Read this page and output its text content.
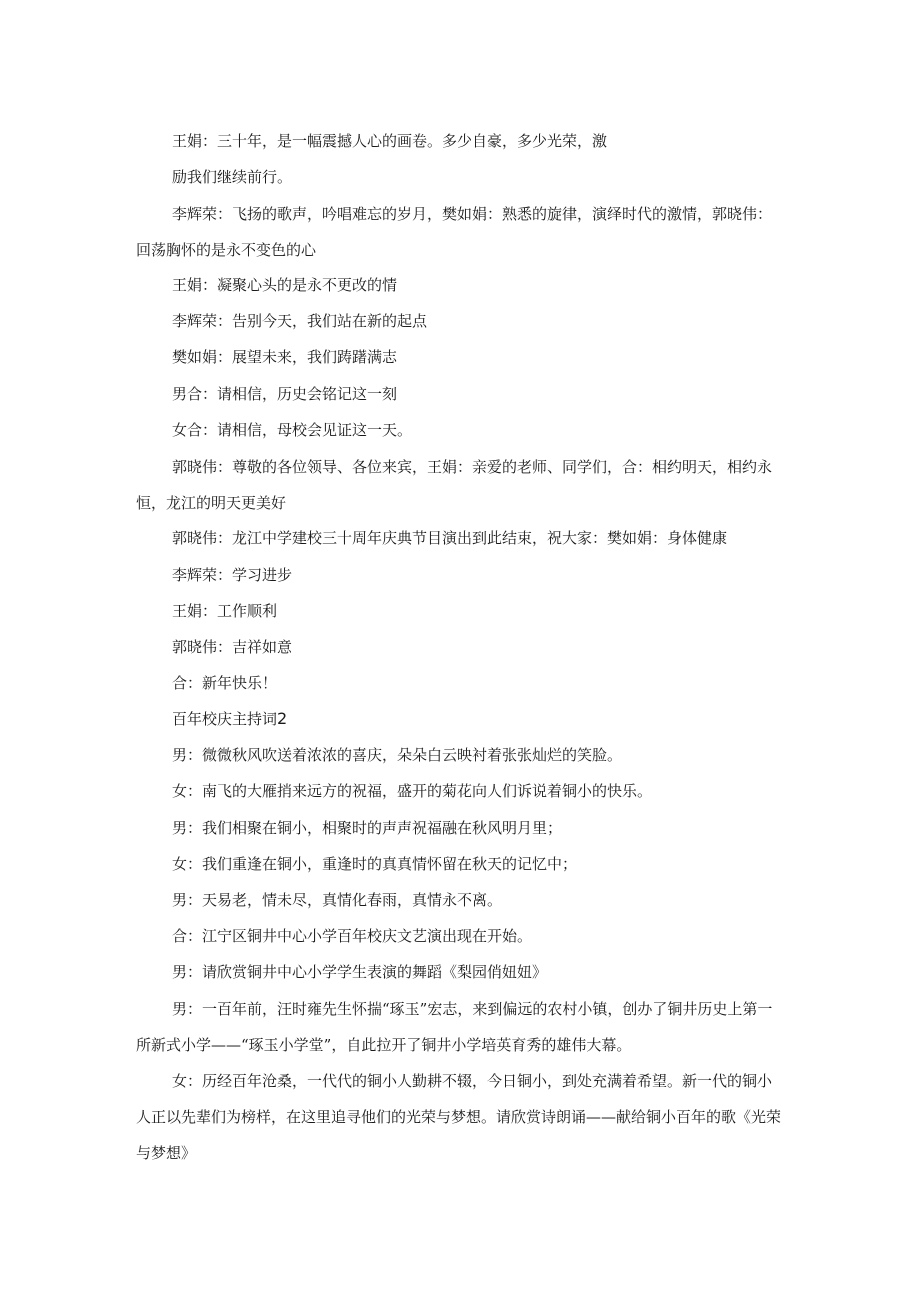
王娟：三十年，是一幅震撼人心的画卷。多少自豪，多少光荣，激

励我们继续前行。

李辉荣：飞扬的歌声，吟唱难忘的岁月，樊如娟：熟悉的旋律，演绎时代的激情，郭晓伟：回荡胸怀的是永不变色的心

王娟：凝聚心头的是永不更改的情

李辉荣：告别今天，我们站在新的起点

樊如娟：展望未来，我们踌躇满志

男合：请相信，历史会铭记这一刻

女合：请相信，母校会见证这一天。

郭晓伟：尊敬的各位领导、各位来宾，王娟：亲爱的老师、同学们，合：相约明天，相约永恒，龙江的明天更美好

郭晓伟：龙江中学建校三十周年庆典节目演出到此结束，祝大家：樊如娟：身体健康

李辉荣：学习进步

王娟：工作顺利

郭晓伟：吉祥如意

合：新年快乐！

百年校庆主持词2

男：微微秋风吹送着浓浓的喜庆，朵朵白云映衬着张张灿烂的笑脸。

女：南飞的大雁捎来远方的祝福，盛开的菊花向人们诉说着铜小的快乐。

男：我们相聚在铜小，相聚时的声声祝福融在秋风明月里；

女：我们重逢在铜小，重逢时的真真情怀留在秋天的记忆中；

男：天易老，情未尽，真情化春雨，真情永不离。

合：江宁区铜井中心小学百年校庆文艺演出现在开始。

男：请欣赏铜井中心小学学生表演的舞蹈《梨园俏妞妞》

男：一百年前，汪时雍先生怀揣“琢玉”宏志，来到偏远的农村小镇，创办了铜井历史上第一所新式小学——“琢玉小学堂”，自此拉开了铜井小学培英育秀的雄伟大幕。

女：历经百年沧桑，一代代的铜小人勤耕不辍，今日铜小，到处充满着希望。新一代的铜小人正以先辈们为榜样，在这里追寻他们的光荣与梦想。请欣赏诗朗诵——献给铜小百年的歌《光荣与梦想》
